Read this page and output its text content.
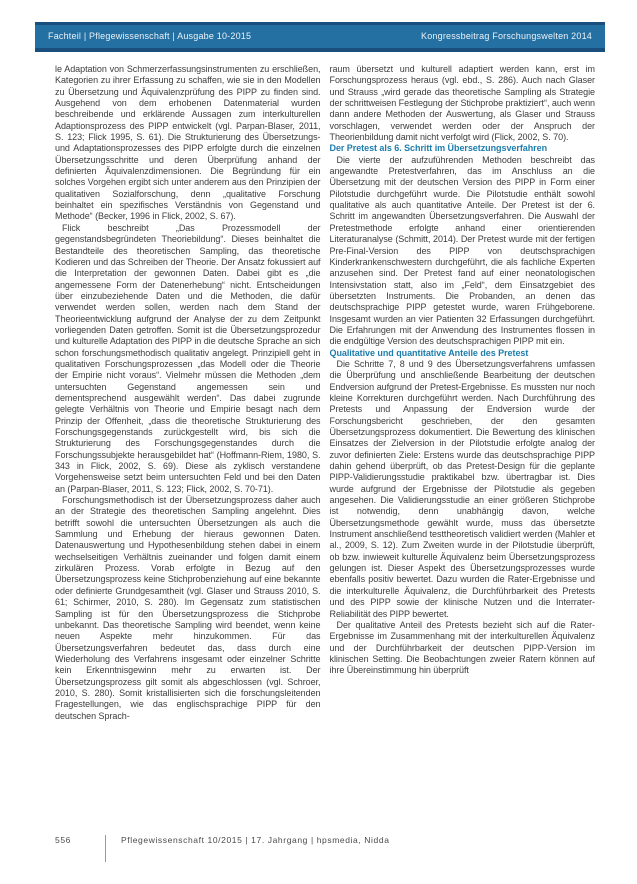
Fachteil | Pflegewissenschaft | Ausgabe 10-2015	Kongressbeitrag Forschungswelten 2014

le Adaptation von Schmerzerfassungsinstrumenten zu erschließen, Kategorien zu ihrer Erfassung zu schaffen, wie sie in den Modellen zu Übersetzung und Äquivalenzprüfung des PIPP zu finden sind. Ausgehend von dem erhobenen Datenmaterial wurden beschreibende und erklärende Aussagen zum interkulturellen Adaptionsprozess des PIPP entwickelt (vgl. Parpan-Blaser, 2011, S. 123; Flick 1995, S. 61). Die Strukturierung des Übersetzungs- und Adaptationsprozesses des PIPP erfolgte durch die einzelnen Übersetzungsschritte und deren Überprüfung anhand der definierten Äquivalenzdimensionen. Die Begründung für ein solches Vorgehen ergibt sich unter anderem aus den Prinzipien der qualitativen Sozialforschung, denn „qualitative Forschung beinhaltet ein spezifisches Verständnis von Gegenstand und Methode“ (Becker, 1996 in Flick, 2002, S. 67).

Flick beschreibt „Das Prozessmodell der gegenstandsbegründeten Theoriebildung“. Dieses beinhaltet die Bestandteile des theoretischen Sampling, das theoretische Kodieren und das Schreiben der Theorie. Der Ansatz fokussiert auf die Interpretation der gewonnen Daten. Dabei gibt es „die angemessene Form der Datenerhebung“ nicht. Entscheidungen über einzubeziehende Daten und die Methoden, die dafür verwendet werden sollen, werden nach dem Stand der Theorieentwicklung aufgrund der Analyse der zu dem Zeitpunkt vorliegenden Daten getroffen. Somit ist die Übersetzungsprozedur und kulturelle Adaptation des PIPP in die deutsche Sprache an sich schon forschungsmethodisch qualitativ angelegt. Prinzipiell geht in qualitativen Forschungsprozessen „das Modell oder die Theorie der Empirie nicht voraus“. Vielmehr müssen die Methoden „dem untersuchten Gegenstand angemessen sein und dementsprechend ausgewählt werden“. Das dabei zugrunde gelegte Verhältnis von Theorie und Empirie besagt nach dem Prinzip der Offenheit, „dass die theoretische Strukturierung des Forschungsgegenstands zurückgestellt wird, bis sich die Strukturierung des Forschungsgegenstandes durch die Forschungssubjekte herausgebildet hat“ (Hoffmann-Riem, 1980, S. 343 in Flick, 2002, S. 69). Diese als zyklisch verstandene Vorgehensweise setzt beim untersuchten Feld und bei den Daten an (Parpan-Blaser, 2011, S. 123; Flick, 2002, S. 70-71).

Forschungsmethodisch ist der Übersetzungsprozess daher auch an der Strategie des theoretischen Sampling angelehnt. Dies betrifft sowohl die untersuchten Übersetzungen als auch die Sammlung und Erhebung der hieraus gewonnen Daten. Datenauswertung und Hypothesenbildung stehen dabei in einem wechselseitigen Verhältnis zueinander und folgen damit einem zirkulären Prozess. Vorab erfolgte in Bezug auf den Übersetzungsprozess keine Stichprobenziehung auf eine bekannte oder definierte Grundgesamtheit (vgl. Glaser und Strauss 2010, S. 61; Schirmer, 2010, S. 280). Im Gegensatz zum statistischen Sampling ist für den Übersetzungsprozess die Stichprobe unbekannt. Das theoretische Sampling wird beendet, wenn keine neuen Aspekte mehr hinzukommen. Für das Übersetzungsverfahren bedeutet das, dass durch eine Wiederholung des Verfahrens insgesamt oder einzelner Schritte kein Erkenntnisgewinn mehr zu erwarten ist. Der Übersetzungsprozess gilt somit als abgeschlossen (vgl. Schroer, 2010, S. 280). Somit kristallisierten sich die forschungsleitenden Fragestellungen, wie das englischsprachige PIPP für den deutschen Sprach-

raum übersetzt und kulturell adaptiert werden kann, erst im Forschungsprozess heraus (vgl. ebd., S. 286). Auch nach Glaser und Strauss „wird gerade das theoretische Sampling als Strategie der schrittweisen Festlegung der Stichprobe praktiziert“, auch wenn dann andere Methoden der Auswertung, als Glaser und Strauss vorschlagen, verwendet werden oder der Anspruch der Theorienbildung damit nicht verfolgt wird (Flick, 2002, S. 70).

Der Pretest als 6. Schritt im Übersetzungsverfahren

Die vierte der aufzuführenden Methoden beschreibt das angewandte Pretestverfahren, das im Anschluss an die Übersetzung mit der deutschen Version des PIPP in Form einer Pilotstudie durchgeführt wurde. Die Pilotstudie enthält sowohl qualitative als auch quantitative Anteile. Der Pretest ist der 6. Schritt im angewandten Übersetzungsverfahren. Die Auswahl der Pretestmethode erfolgte anhand einer orientierenden Literaturanalyse (Schmitt, 2014). Der Pretest wurde mit der fertigen Pre-Final-Version des PIPP von deutschsprachigen Kinderkrankenschwestern durchgeführt, die als fachliche Experten anzusehen sind. Der Pretest fand auf einer neonatologischen Intensivstation statt, also im „Feld“, dem Einsatzgebiet des übersetzten Instruments. Die Probanden, an denen das deutschsprachige PIPP getestet wurde, waren Frühgeborene. Insgesamt wurden an vier Patienten 32 Erfassungen durchgeführt. Die Erfahrungen mit der Anwendung des Instrumentes flossen in die endgültige Version des deutschsprachigen PIPP mit ein.

Qualitative und quantitative Anteile des Pretest

Die Schritte 7, 8 und 9 des Übersetzungsverfahrens umfassen die Überprüfung und anschließende Bearbeitung der deutschen Endversion aufgrund der Pretest-Ergebnisse. Es mussten nur noch kleine Korrekturen durchgeführt werden. Nach Durchführung des Pretests und Anpassung der Endversion wurde der Forschungsbericht geschrieben, der den gesamten Übersetzungsprozess dokumentiert. Die Bewertung des klinischen Einsatzes der Zielversion in der Pilotstudie erfolgte analog der zuvor definierten Ziele: Erstens wurde das deutschsprachige PIPP dahin gehend überprüft, ob das Pretest-Design für die geplante PIPP-Validierungsstudie praktikabel bzw. übertragbar ist. Dies wurde aufgrund der Ergebnisse der Pilotstudie als gegeben angesehen. Die Validierungsstudie an einer größeren Stichprobe ist notwendig, denn unabhängig davon, welche Übersetzungsmethode gewählt wurde, muss das übersetzte Instrument anschließend testtheoretisch validiert werden (Mahler et al., 2009, S. 12). Zum Zweiten wurde in der Pilotstudie überprüft, ob bzw. inwieweit kulturelle Äquivalenz beim Übersetzungsprozess gelungen ist. Dieser Aspekt des Übersetzungsprozesses wurde ebenfalls positiv bewertet. Dazu wurden die Rater-Ergebnisse und die interkulturelle Äquivalenz, die Durchführbarkeit des Pretests und des PIPP sowie der klinische Nutzen und die Interrater-Reliabilität des PIPP bewertet.

Der qualitative Anteil des Pretests bezieht sich auf die Rater-Ergebnisse im Zusammenhang mit der interkulturellen Äquivalenz und der Durchführbarkeit der deutschen PIPP-Version im klinischen Setting. Die Beobachtungen zweier Ratern können auf ihre Übereinstimmung hin überprüft

556	Pflegewissenschaft 10/2015 | 17. Jahrgang | hpsmedia, Nidda
